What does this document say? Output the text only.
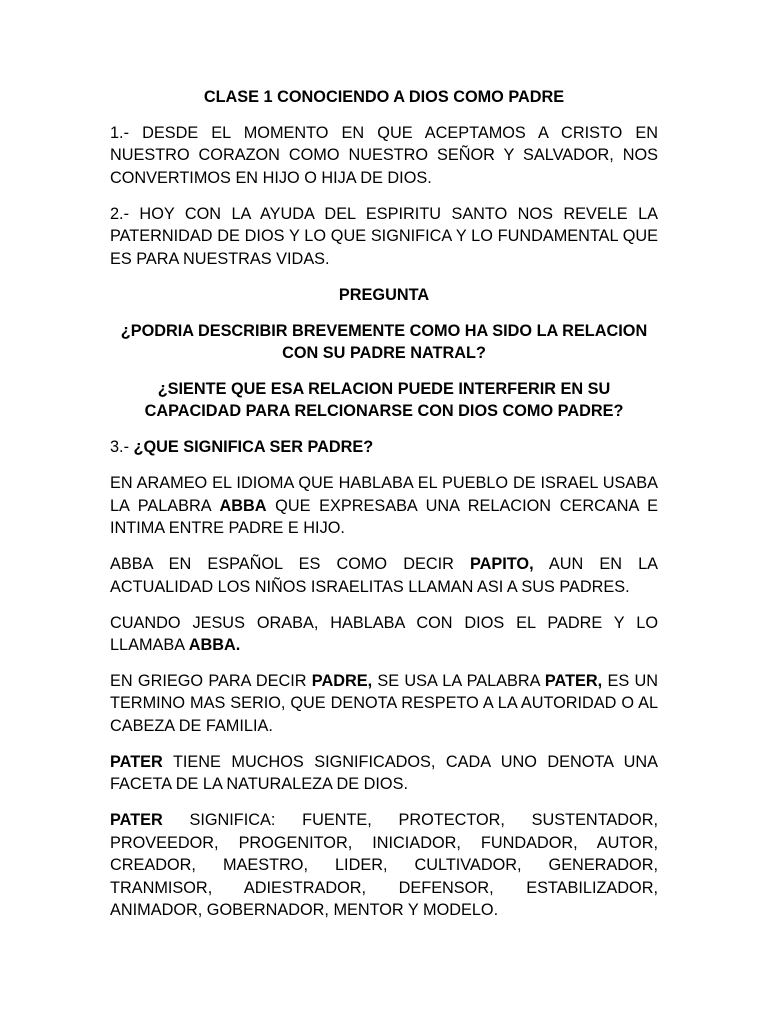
CLASE 1 CONOCIENDO A DIOS COMO PADRE

1.- DESDE EL MOMENTO EN QUE ACEPTAMOS A CRISTO EN NUESTRO CORAZON COMO NUESTRO SEÑOR Y SALVADOR, NOS CONVERTIMOS EN HIJO O HIJA DE DIOS.

2.- HOY CON LA AYUDA DEL ESPIRITU SANTO NOS REVELE LA PATERNIDAD DE DIOS Y LO QUE SIGNIFICA Y LO FUNDAMENTAL QUE ES PARA NUESTRAS VIDAS.

PREGUNTA

¿PODRIA DESCRIBIR BREVEMENTE COMO HA SIDO LA RELACION CON SU PADRE NATRAL?

¿SIENTE QUE ESA RELACION PUEDE INTERFERIR EN SU CAPACIDAD PARA RELCIONARSE CON DIOS COMO PADRE?

3.- ¿QUE SIGNIFICA SER PADRE?

EN ARAMEO EL IDIOMA QUE HABLABA EL PUEBLO DE ISRAEL USABA LA PALABRA ABBA QUE EXPRESABA UNA RELACION CERCANA E INTIMA ENTRE PADRE E HIJO.

ABBA EN ESPAÑOL ES COMO DECIR PAPITO, AUN EN LA ACTUALIDAD LOS NIÑOS ISRAELITAS LLAMAN ASI A SUS PADRES.

CUANDO JESUS ORABA, HABLABA CON DIOS EL PADRE Y LO LLAMABA ABBA.

EN GRIEGO PARA DECIR PADRE, SE USA LA PALABRA PATER, ES UN TERMINO MAS SERIO, QUE DENOTA RESPETO A LA AUTORIDAD O AL CABEZA DE FAMILIA.

PATER TIENE MUCHOS SIGNIFICADOS, CADA UNO DENOTA UNA FACETA DE LA NATURALEZA DE DIOS.

PATER SIGNIFICA: FUENTE, PROTECTOR, SUSTENTADOR, PROVEEDOR, PROGENITOR, INICIADOR, FUNDADOR, AUTOR, CREADOR, MAESTRO, LIDER, CULTIVADOR, GENERADOR, TRANMISOR, ADIESTRADOR, DEFENSOR, ESTABILIZADOR, ANIMADOR, GOBERNADOR, MENTOR Y MODELO.
